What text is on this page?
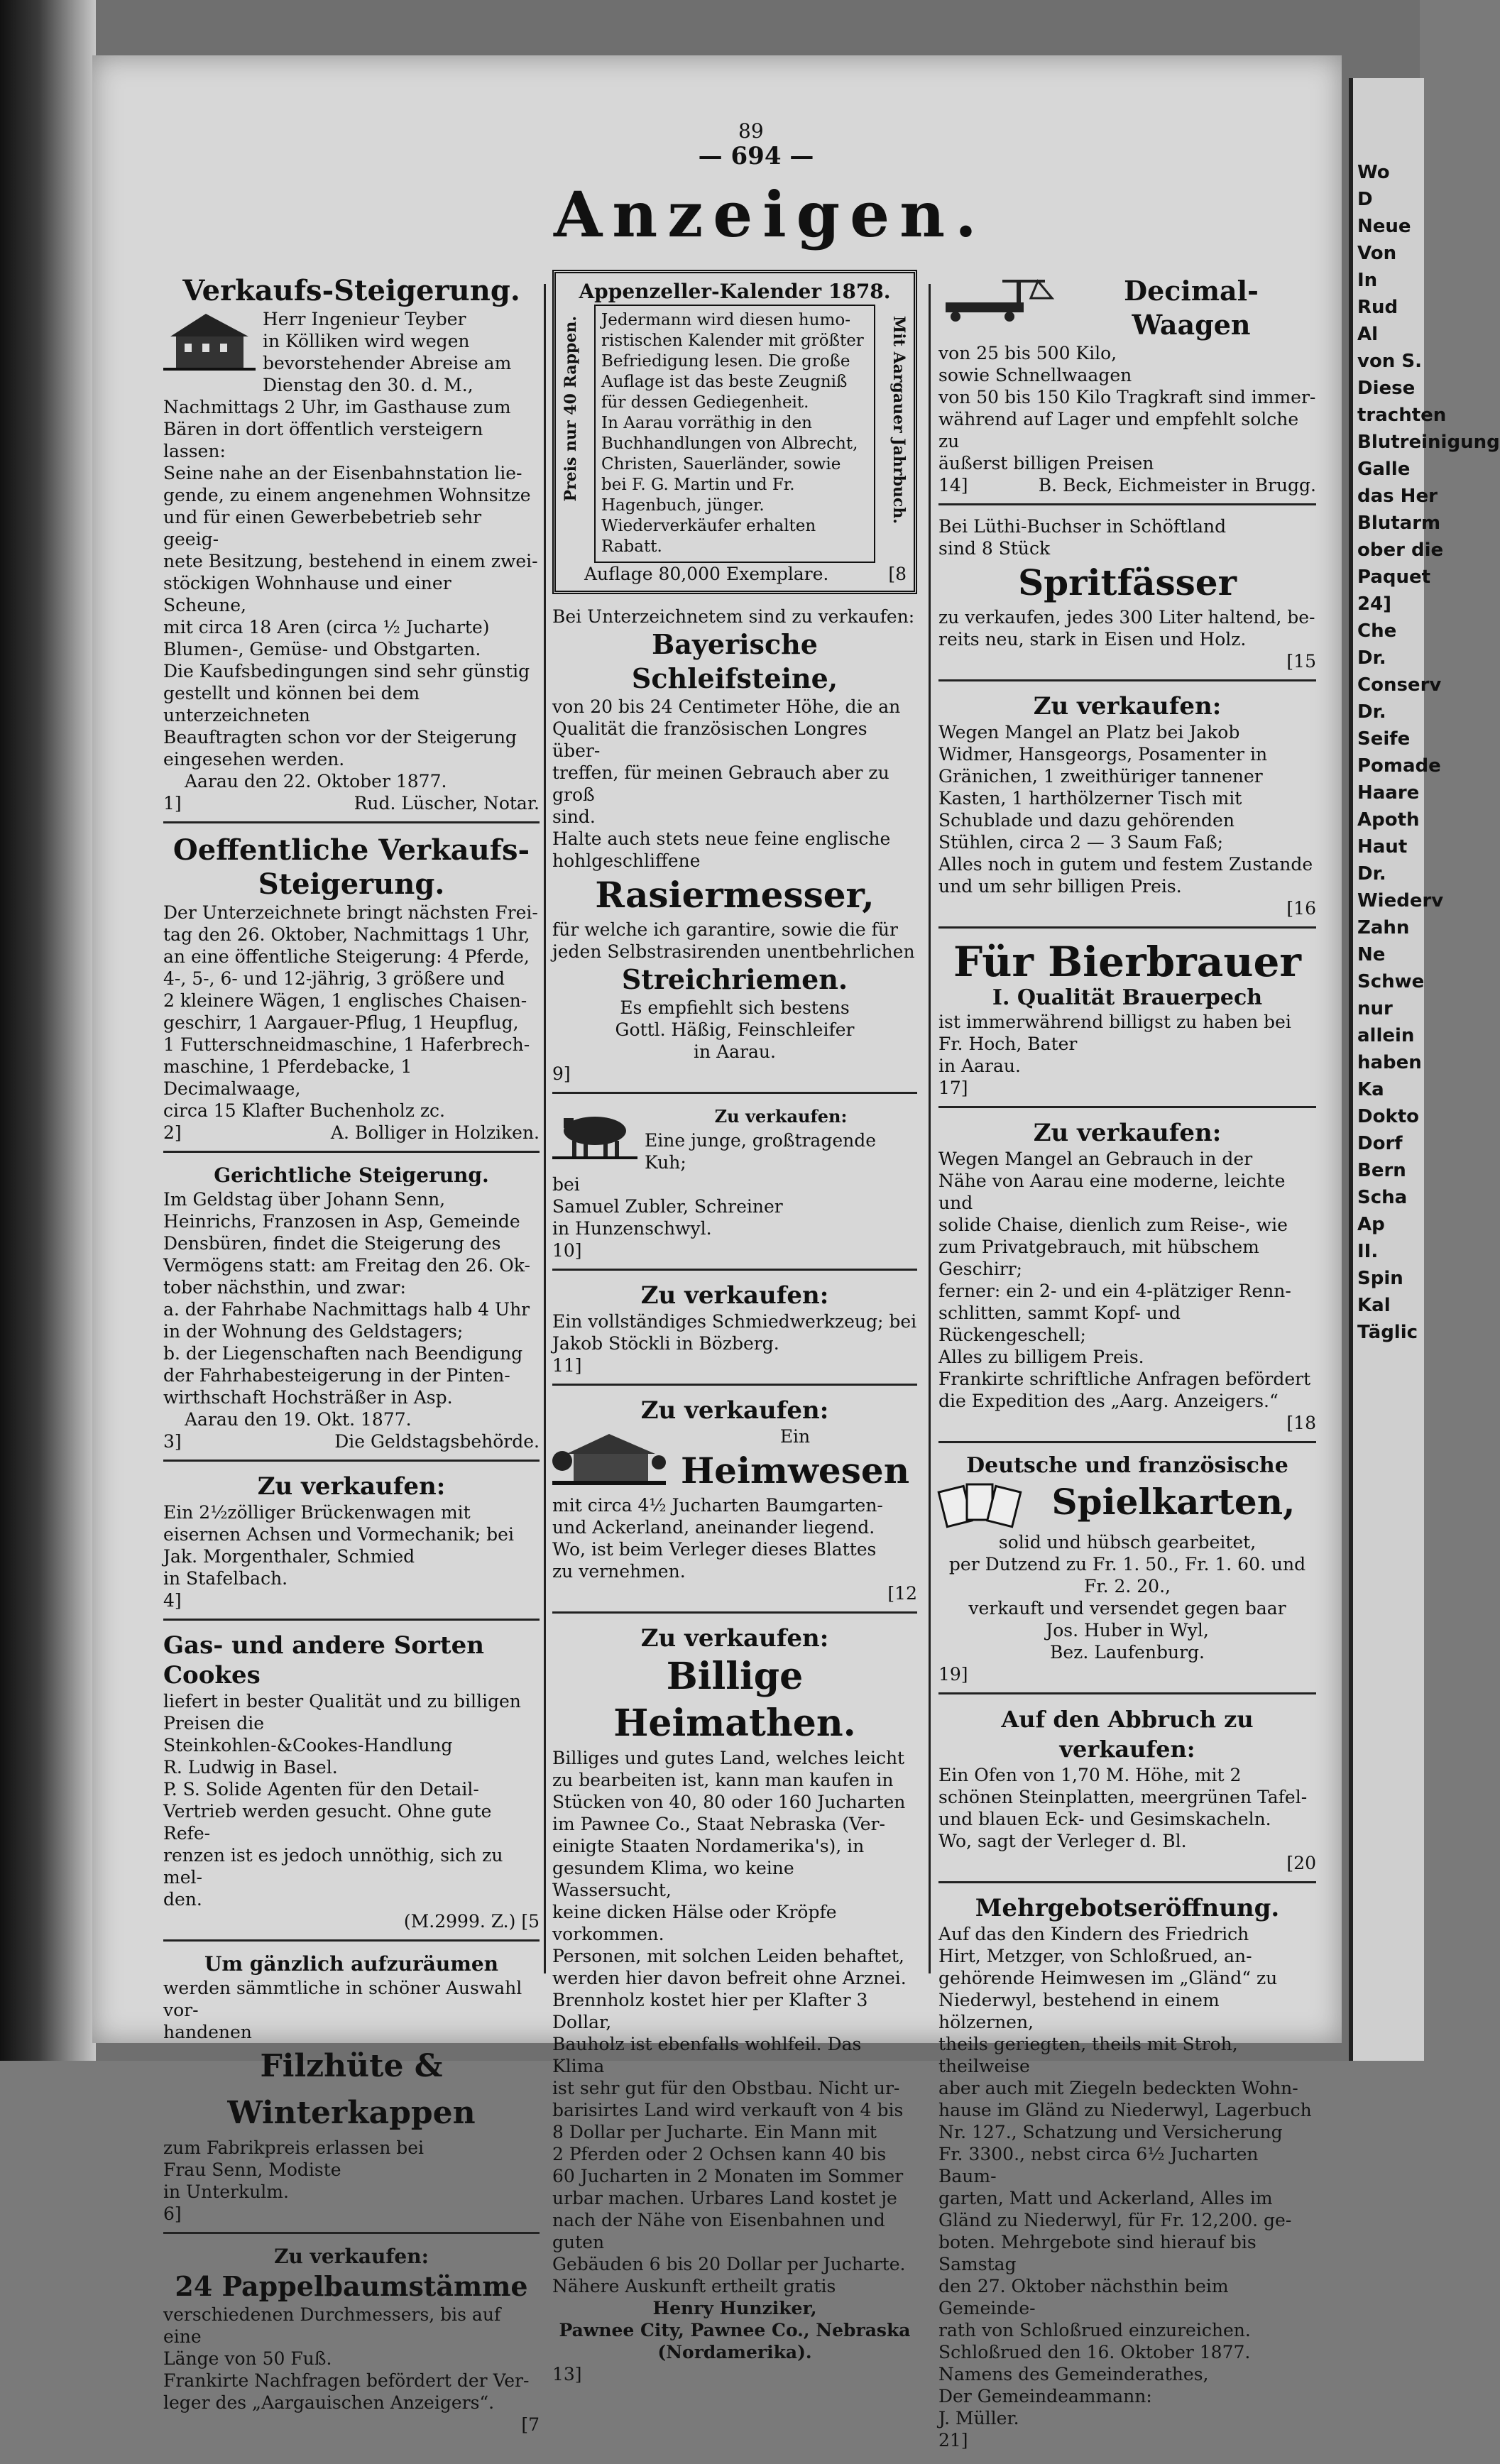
Wo
D
Neue
Von
In
Rud
Al
von S.
Diese
trachten
Blutreinigung
Galle
das Her
Blutarm
ober die
Paquet
24]
Che
Dr.
Conserv
Dr.
Seife
Pomade
Haare
Apoth
Haut
Dr.
Wiederv
Zahn
Ne
Schwe
nur
allein
haben
Ka
Dokto
Dorf
Bern
Scha
Ap
II.
Spin
Kal
Täglic
89
— 694 —
Anzeigen.
Verkaufs-Steigerung.
Herr Ingenieur Teyber
in Kölliken wird wegen
bevorstehender Abreise am
Dienstag den 30. d. M.,
Nachmittags 2 Uhr, im Gasthause zum
Bären in dort öffentlich versteigern lassen:
Seine nahe an der Eisenbahnstation lie-
gende, zu einem angenehmen Wohnsitze
und für einen Gewerbebetrieb sehr geeig-
nete Besitzung, bestehend in einem zwei-
stöckigen Wohnhause und einer Scheune,
mit circa 18 Aren (circa ½ Jucharte)
Blumen-, Gemüse- und Obstgarten.
Die Kaufsbedingungen sind sehr günstig
gestellt und können bei dem unterzeichneten
Beauftragten schon vor der Steigerung
eingesehen werden.
Aarau den 22. Oktober 1877.
1]	Rud. Lüscher, Notar.
Oeffentliche Verkaufs-
Steigerung.
Der Unterzeichnete bringt nächsten Frei-
tag den 26. Oktober, Nachmittags 1 Uhr,
an eine öffentliche Steigerung: 4 Pferde,
4-, 5-, 6- und 12-jährig, 3 größere und
2 kleinere Wägen, 1 englisches Chaisen-
geschirr, 1 Aargauer-Pflug, 1 Heupflug,
1 Futterschneidmaschine, 1 Haferbrech-
maschine, 1 Pferdebacke, 1 Decimalwaage,
circa 15 Klafter Buchenholz zc.
2]	A. Bolliger in Holziken.
Gerichtliche Steigerung.
Im Geldstag über Johann Senn,
Heinrichs, Franzosen in Asp, Gemeinde
Densbüren, findet die Steigerung des
Vermögens statt: am Freitag den 26. Ok-
tober nächsthin, und zwar:
a. der Fahrhabe Nachmittags halb 4 Uhr
in der Wohnung des Geldstagers;
b. der Liegenschaften nach Beendigung
der Fahrhabesteigerung in der Pinten-
wirthschaft Hochsträßer in Asp.
Aarau den 19. Okt. 1877.
3]	Die Geldstagsbehörde.
Zu verkaufen:
Ein 2½zölliger Brückenwagen mit
eisernen Achsen und Vormechanik; bei
Jak. Morgenthaler, Schmied
in Stafelbach.
4]
Gas- und andere Sorten Cookes
liefert in bester Qualität und zu billigen
Preisen die
Steinkohlen-&Cookes-Handlung
R. Ludwig in Basel.
P. S. Solide Agenten für den Detail-
Vertrieb werden gesucht. Ohne gute Refe-
renzen ist es jedoch unnöthig, sich zu mel-
den.
(M.2999. Z.) [5
Um gänzlich aufzuräumen
werden sämmtliche in schöner Auswahl vor-
handenen
Filzhüte & Winterkappen
zum Fabrikpreis erlassen bei
Frau Senn, Modiste
in Unterkulm.
6]
Zu verkaufen:
24 Pappelbaumstämme
verschiedenen Durchmessers, bis auf eine
Länge von 50 Fuß.
Frankirte Nachfragen befördert der Ver-
leger des „Aargauischen Anzeigers“.
[7
Appenzeller-Kalender 1878.
Preis nur 40 Rappen.	Mit Aargauer Jahrbuch.
Jedermann wird diesen humo-
ristischen Kalender mit größter
Befriedigung lesen. Die große
Auflage ist das beste Zeugniß
für dessen Gediegenheit.
In Aarau vorräthig in den
Buchhandlungen von Albrecht,
Christen, Sauerländer, sowie
bei F. G. Martin und Fr.
Hagenbuch, jünger.
Wiederverkäufer erhalten Rabatt.
Auflage 80,000 Exemplare.	[8
Bei Unterzeichnetem sind zu verkaufen:
Bayerische Schleifsteine,
von 20 bis 24 Centimeter Höhe, die an
Qualität die französischen Longres über-
treffen, für meinen Gebrauch aber zu groß
sind.
Halte auch stets neue feine englische
hohlgeschliffene
Rasiermesser,
für welche ich garantire, sowie die für
jeden Selbstrasirenden unentbehrlichen
Streichriemen.
Es empfiehlt sich bestens
Gottl. Häßig, Feinschleifer
in Aarau.
9]
Zu verkaufen:
Eine junge, großtragende Kuh;
bei
Samuel Zubler, Schreiner
in Hunzenschwyl.
10]
Zu verkaufen:
Ein vollständiges Schmiedwerkzeug; bei
Jakob Stöckli in Bözberg.
11]
Zu verkaufen:
Ein
Heimwesen
mit circa 4½ Jucharten Baumgarten-
und Ackerland, aneinander liegend.
Wo, ist beim Verleger dieses Blattes
zu vernehmen.
[12
Zu verkaufen:
Billige Heimathen.
Billiges und gutes Land, welches leicht
zu bearbeiten ist, kann man kaufen in
Stücken von 40, 80 oder 160 Jucharten
im Pawnee Co., Staat Nebraska (Ver-
einigte Staaten Nordamerika's), in
gesundem Klima, wo keine Wassersucht,
keine dicken Hälse oder Kröpfe vorkommen.
Personen, mit solchen Leiden behaftet,
werden hier davon befreit ohne Arznei.
Brennholz kostet hier per Klafter 3 Dollar,
Bauholz ist ebenfalls wohlfeil. Das Klima
ist sehr gut für den Obstbau. Nicht ur-
barisirtes Land wird verkauft von 4 bis
8 Dollar per Jucharte. Ein Mann mit
2 Pferden oder 2 Ochsen kann 40 bis
60 Jucharten in 2 Monaten im Sommer
urbar machen. Urbares Land kostet je
nach der Nähe von Eisenbahnen und guten
Gebäuden 6 bis 20 Dollar per Jucharte.
Nähere Auskunft ertheilt gratis
Henry Hunziker,
Pawnee City, Pawnee Co., Nebraska
(Nordamerika).
13]
Decimal-Waagen
von 25 bis 500 Kilo,
sowie Schnellwaagen
von 50 bis 150 Kilo Tragkraft sind immer-
während auf Lager und empfehlt solche zu
äußerst billigen Preisen
14]	B. Beck, Eichmeister in Brugg.
Bei Lüthi-Buchser in Schöftland
sind 8 Stück
Spritfässer
zu verkaufen, jedes 300 Liter haltend, be-
reits neu, stark in Eisen und Holz.
[15
Zu verkaufen:
Wegen Mangel an Platz bei Jakob
Widmer, Hansgeorgs, Posamenter in
Gränichen, 1 zweithüriger tannener
Kasten, 1 harthölzerner Tisch mit
Schublade und dazu gehörenden
Stühlen, circa 2 — 3 Saum Faß;
Alles noch in gutem und festem Zustande
und um sehr billigen Preis.
[16
Für Bierbrauer
I. Qualität Brauerpech
ist immerwährend billigst zu haben bei
Fr. Hoch, Bater
in Aarau.
17]
Zu verkaufen:
Wegen Mangel an Gebrauch in der
Nähe von Aarau eine moderne, leichte und
solide Chaise, dienlich zum Reise-, wie
zum Privatgebrauch, mit hübschem Geschirr;
ferner: ein 2- und ein 4-plätziger Renn-
schlitten, sammt Kopf- und Rückengeschell;
Alles zu billigem Preis.
Frankirte schriftliche Anfragen befördert
die Expedition des „Aarg. Anzeigers.“
[18
Deutsche und französische
Spielkarten,
solid und hübsch gearbeitet,
per Dutzend zu Fr. 1. 50., Fr. 1. 60. und
Fr. 2. 20.,
verkauft und versendet gegen baar
Jos. Huber in Wyl,
Bez. Laufenburg.
19]
Auf den Abbruch zu verkaufen:
Ein Ofen von 1,70 M. Höhe, mit 2
schönen Steinplatten, meergrünen Tafel-
und blauen Eck- und Gesimskacheln.
Wo, sagt der Verleger d. Bl.
[20
Mehrgebotseröffnung.
Auf das den Kindern des Friedrich
Hirt, Metzger, von Schloßrued, an-
gehörende Heimwesen im „Gländ“ zu
Niederwyl, bestehend in einem hölzernen,
theils geriegten, theils mit Stroh, theilweise
aber auch mit Ziegeln bedeckten Wohn-
hause im Gländ zu Niederwyl, Lagerbuch
Nr. 127., Schatzung und Versicherung
Fr. 3300., nebst circa 6½ Jucharten Baum-
garten, Matt und Ackerland, Alles im
Gländ zu Niederwyl, für Fr. 12,200. ge-
boten. Mehrgebote sind hierauf bis Samstag
den 27. Oktober nächsthin beim Gemeinde-
rath von Schloßrued einzureichen.
Schloßrued den 16. Oktober 1877.
Namens des Gemeinderathes,
Der Gemeindeammann:
J. Müller.
21]
